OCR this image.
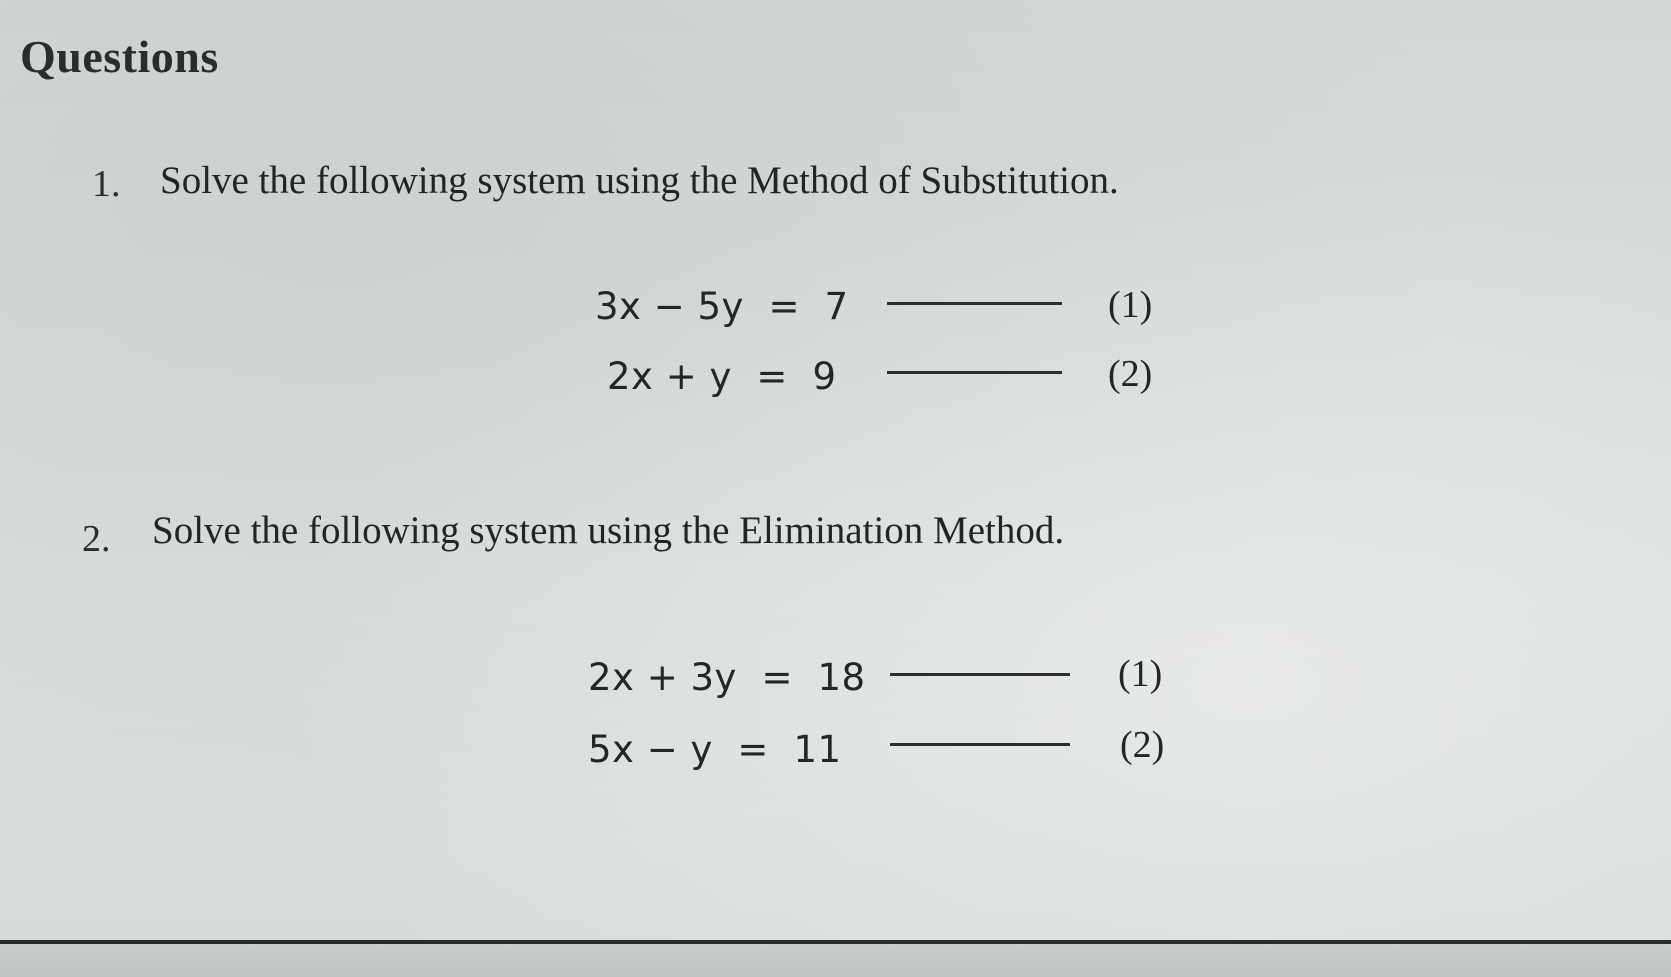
Questions
1. Solve the following system using the Method of Substitution.
3x − 5y = 7	(1)
2x + y = 9	(2)
2. Solve the following system using the Elimination Method.
2x + 3y = 18	(1)
5x − y = 11	(2)
